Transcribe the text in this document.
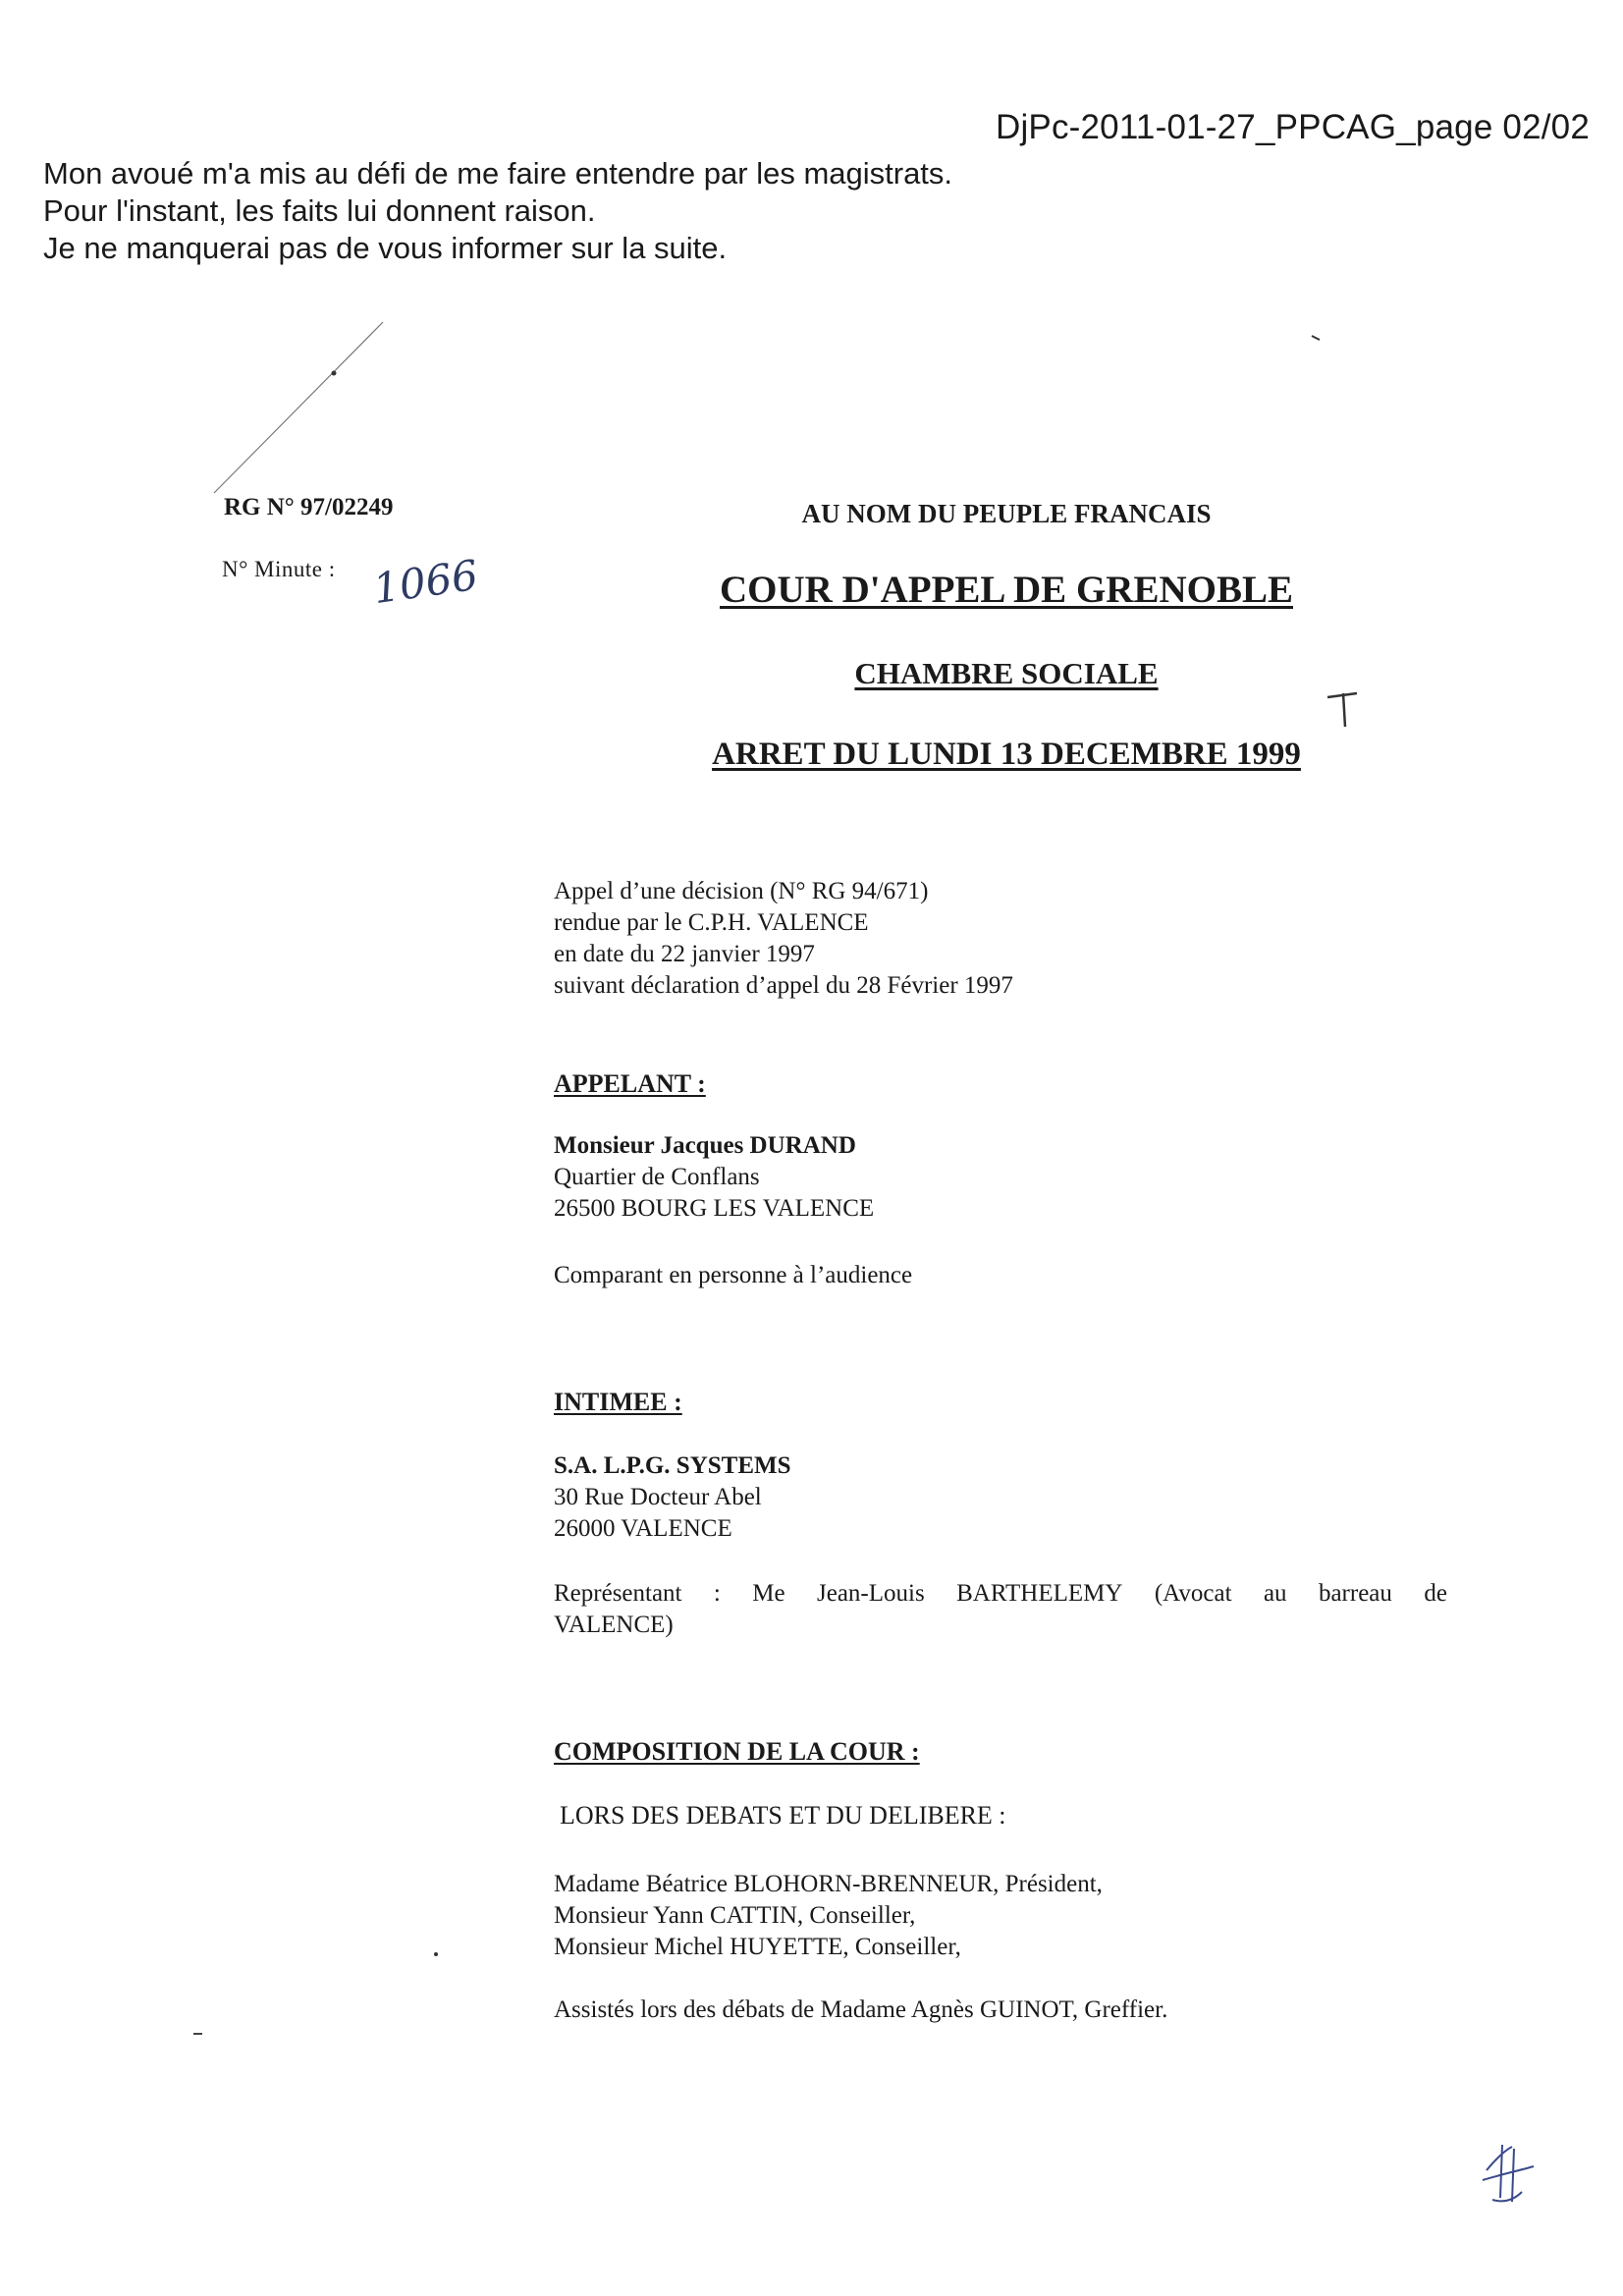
DjPc-2011-01-27_PPCAG_page 02/02
Mon avoué m'a mis au défi de me faire entendre par les magistrats.
Pour l'instant, les faits lui donnent raison.
Je ne manquerai pas de vous informer sur la suite.
RG N° 97/02249
N° Minute : 1066
AU NOM DU PEUPLE FRANCAIS
COUR D'APPEL DE GRENOBLE
CHAMBRE SOCIALE
ARRET DU LUNDI 13 DECEMBRE 1999
Appel d’une décision (N° RG 94/671)
rendue par le C.P.H. VALENCE
en date du 22 janvier 1997
suivant déclaration d’appel du 28 Février 1997
APPELANT :
Monsieur Jacques DURAND
Quartier de Conflans
26500 BOURG LES VALENCE
Comparant en personne à l’audience
INTIMEE :
S.A. L.P.G. SYSTEMS
30 Rue Docteur Abel
26000 VALENCE
Représentant : Me Jean-Louis BARTHELEMY (Avocat au barreau de
VALENCE)
COMPOSITION DE LA COUR :
LORS DES DEBATS ET DU DELIBERE :
Madame Béatrice BLOHORN-BRENNEUR, Président,
Monsieur Yann CATTIN, Conseiller,
Monsieur Michel HUYETTE, Conseiller,
Assistés lors des débats de Madame Agnès GUINOT, Greffier.
